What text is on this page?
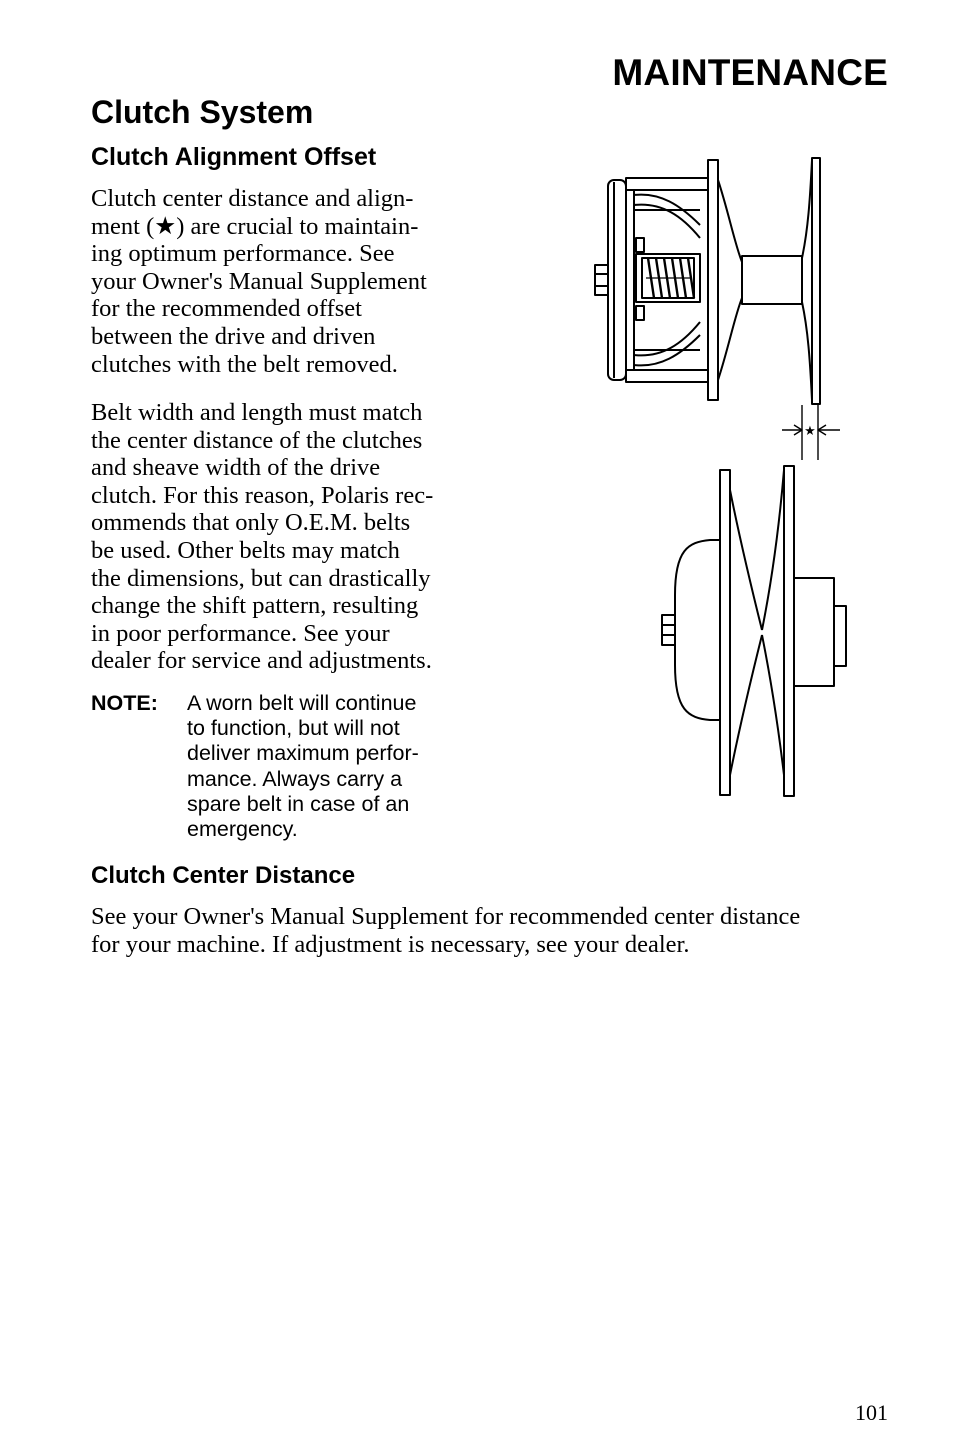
MAINTENANCE
Clutch System
Clutch Alignment Offset

Clutch center distance and align-
ment (★) are crucial to maintain-
ing optimum performance. See
your Owner's Manual Supplement
for the recommended offset
between the drive and driven
clutches with the belt removed.

Belt width and length must match
the center distance of the clutches
and sheave width of the drive
clutch. For this reason, Polaris rec-
ommends that only O.E.M. belts
be used. Other belts may match
the dimensions, but can drastically
change the shift pattern, resulting
in poor performance. See your
dealer for service and adjustments.

NOTE: A worn belt will continue
to function, but will not
deliver maximum perfor-
mance. Always carry a
spare belt in case of an
emergency.
★
Clutch Center Distance

See your Owner's Manual Supplement for recommended center distance
for your machine. If adjustment is necessary, see your dealer.

101
